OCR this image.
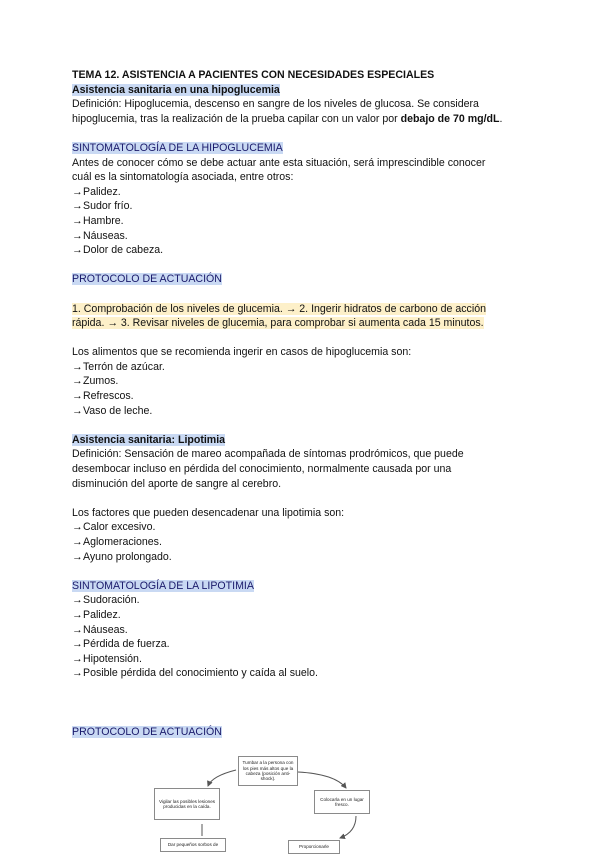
TEMA 12. ASISTENCIA A PACIENTES CON NECESIDADES ESPECIALES
Asistencia sanitaria en una hipoglucemia
Definición: Hipoglucemia, descenso en sangre de los niveles de glucosa. Se considera
hipoglucemia, tras la realización de la prueba capilar con un valor por debajo de 70 mg/dL.
SINTOMATOLOGÍA DE LA HIPOGLUCEMIA
Antes de conocer cómo se debe actuar ante esta situación, será imprescindible conocer
cuál es la sintomatología asociada, entre otros:
→Palidez.
→Sudor frío.
→Hambre.
→Náuseas.
→Dolor de cabeza.
PROTOCOLO DE ACTUACIÓN
1. Comprobación de los niveles de glucemia. → 2. Ingerir hidratos de carbono de acción
rápida. → 3. Revisar niveles de glucemia, para comprobar si aumenta cada 15 minutos.
Los alimentos que se recomienda ingerir en casos de hipoglucemia son:
→Terrón de azúcar.
→Zumos.
→Refrescos.
→Vaso de leche.
Asistencia sanitaria: Lipotimia
Definición: Sensación de mareo acompañada de síntomas prodrómicos, que puede
desembocar incluso en pérdida del conocimiento, normalmente causada por una
disminución del aporte de sangre al cerebro.
Los factores que pueden desencadenar una lipotimia son:
→Calor excesivo.
→Aglomeraciones.
→Ayuno prolongado.
SINTOMATOLOGÍA DE LA LIPOTIMIA
→Sudoración.
→Palidez.
→Náuseas.
→Pérdida de fuerza.
→Hipotensión.
→Posible pérdida del conocimiento y caída al suelo.
PROTOCOLO DE ACTUACIÓN
Tumbar a la persona con los pies más altos que la cabeza (posición anti-shock).
Colocarla en un lugar fresco.
Vigilar las posibles lesiones producidas en la caída.
Dar pequeños sorbos de	Proporcionarle
